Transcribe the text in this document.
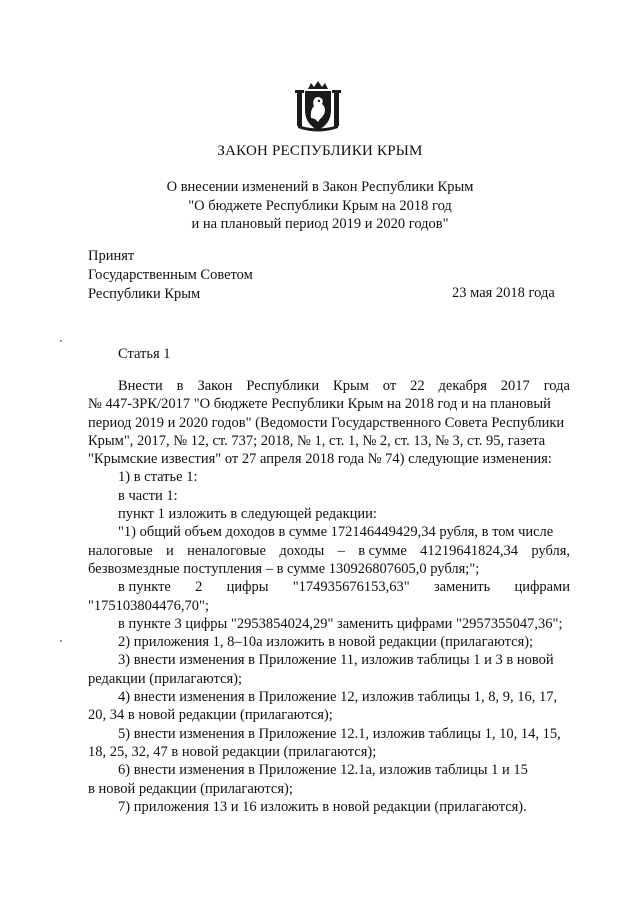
ЗАКОН РЕСПУБЛИКИ КРЫМ
О внесении изменений в Закон Республики Крым
"О бюджете Республики Крым на 2018 год
и на плановый период 2019 и 2020 годов"
Принят
Государственным Советом
Республики Крым	23 мая 2018 года
Статья 1
Внести в Закон Республики Крым от 22 декабря 2017 года
№ 447-ЗРК/2017 "О бюджете Республики Крым на 2018 год и на плановый
период 2019 и 2020 годов" (Ведомости Государственного Совета Республики
Крым", 2017, № 12, ст. 737; 2018, № 1, ст. 1, № 2, ст. 13, № 3, ст. 95, газета
"Крымские известия" от 27 апреля 2018 года № 74) следующие изменения:
1) в статье 1:
в части 1:
пункт 1 изложить в следующей редакции:
"1) общий объем доходов в сумме 172146449429,34 рубля, в том числе
налоговые и неналоговые доходы – в сумме 41219641824,34 рубля,
безвозмездные поступления – в сумме 130926807605,0 рубля;";
в пункте 2 цифры "174935676153,63" заменить цифрами
"175103804476,70";
в пункте 3 цифры "2953854024,29" заменить цифрами "2957355047,36";
2) приложения 1, 8–10а изложить в новой редакции (прилагаются);
3) внести изменения в Приложение 11, изложив таблицы 1 и 3 в новой
редакции (прилагаются);
4) внести изменения в Приложение 12, изложив таблицы 1, 8, 9, 16, 17,
20, 34 в новой редакции (прилагаются);
5) внести изменения в Приложение 12.1, изложив таблицы 1, 10, 14, 15,
18, 25, 32, 47 в новой редакции (прилагаются);
6) внести изменения в Приложение 12.1а, изложив таблицы 1 и 15
в новой редакции (прилагаются);
7) приложения 13 и 16 изложить в новой редакции (прилагаются).
